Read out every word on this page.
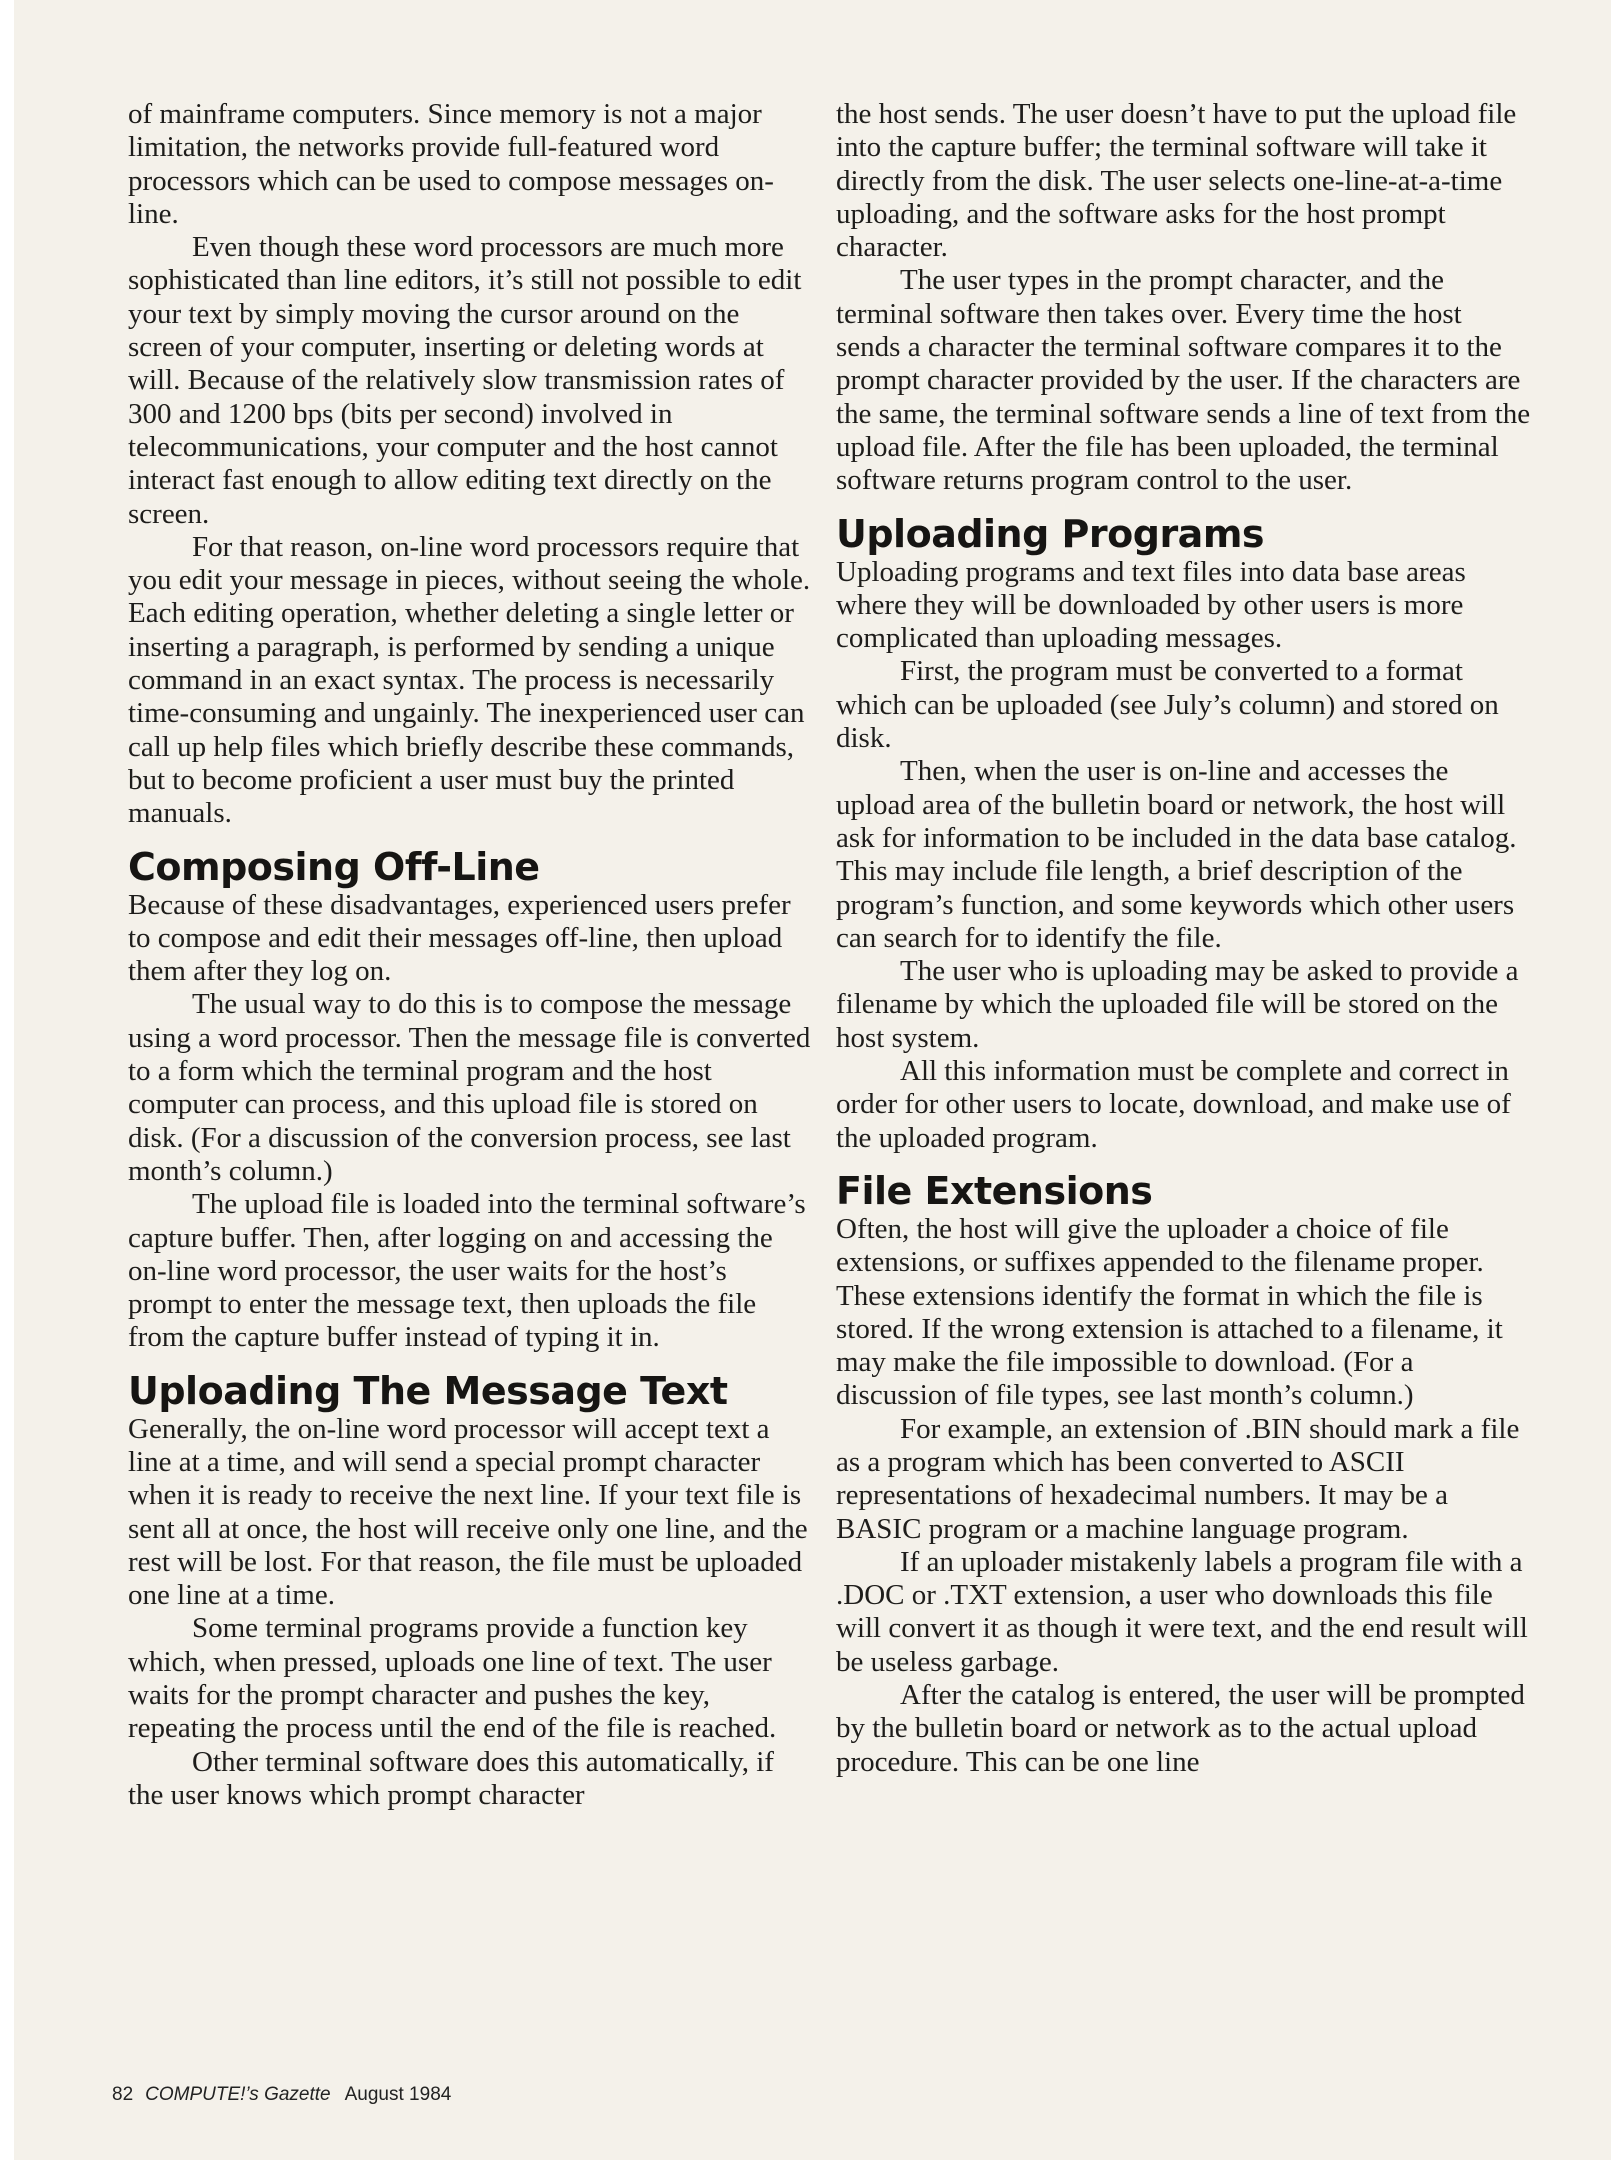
of mainframe computers. Since memory is not a major limitation, the networks provide full-featured word processors which can be used to compose messages on-line.

Even though these word processors are much more sophisticated than line editors, it’s still not possible to edit your text by simply moving the cursor around on the screen of your computer, inserting or deleting words at will. Because of the relatively slow transmission rates of 300 and 1200 bps (bits per second) involved in telecommunications, your computer and the host cannot interact fast enough to allow editing text directly on the screen.

For that reason, on-line word processors require that you edit your message in pieces, without seeing the whole. Each editing operation, whether deleting a single letter or inserting a paragraph, is performed by sending a unique command in an exact syntax. The process is necessarily time-consuming and ungainly. The inexperienced user can call up help files which briefly describe these commands, but to become proficient a user must buy the printed manuals.

Composing Off-Line

Because of these disadvantages, experienced users prefer to compose and edit their messages off-line, then upload them after they log on.

The usual way to do this is to compose the message using a word processor. Then the message file is converted to a form which the terminal program and the host computer can process, and this upload file is stored on disk. (For a discussion of the conversion process, see last month’s column.)

The upload file is loaded into the terminal software’s capture buffer. Then, after logging on and accessing the on-line word processor, the user waits for the host’s prompt to enter the message text, then uploads the file from the capture buffer instead of typing it in.

Uploading The Message Text

Generally, the on-line word processor will accept text a line at a time, and will send a special prompt character when it is ready to receive the next line. If your text file is sent all at once, the host will receive only one line, and the rest will be lost. For that reason, the file must be uploaded one line at a time.

Some terminal programs provide a function key which, when pressed, uploads one line of text. The user waits for the prompt character and pushes the key, repeating the process until the end of the file is reached.

Other terminal software does this automatically, if the user knows which prompt character

the host sends. The user doesn’t have to put the upload file into the capture buffer; the terminal software will take it directly from the disk. The user selects one-line-at-a-time uploading, and the software asks for the host prompt character.

The user types in the prompt character, and the terminal software then takes over. Every time the host sends a character the terminal software compares it to the prompt character provided by the user. If the characters are the same, the terminal software sends a line of text from the upload file. After the file has been uploaded, the terminal software returns program control to the user.

Uploading Programs

Uploading programs and text files into data base areas where they will be downloaded by other users is more complicated than uploading messages.

First, the program must be converted to a format which can be uploaded (see July’s column) and stored on disk.

Then, when the user is on-line and accesses the upload area of the bulletin board or network, the host will ask for information to be included in the data base catalog. This may include file length, a brief description of the program’s function, and some keywords which other users can search for to identify the file.

The user who is uploading may be asked to provide a filename by which the uploaded file will be stored on the host system.

All this information must be complete and correct in order for other users to locate, download, and make use of the uploaded program.

File Extensions

Often, the host will give the uploader a choice of file extensions, or suffixes appended to the filename proper. These extensions identify the format in which the file is stored. If the wrong extension is attached to a filename, it may make the file impossible to download. (For a discussion of file types, see last month’s column.)

For example, an extension of .BIN should mark a file as a program which has been converted to ASCII representations of hexadecimal numbers. It may be a BASIC program or a machine language program.

If an uploader mistakenly labels a program file with a .DOC or .TXT extension, a user who downloads this file will convert it as though it were text, and the end result will be useless garbage.

After the catalog is entered, the user will be prompted by the bulletin board or network as to the actual upload procedure. This can be one line

82 COMPUTE!’s Gazette August 1984
